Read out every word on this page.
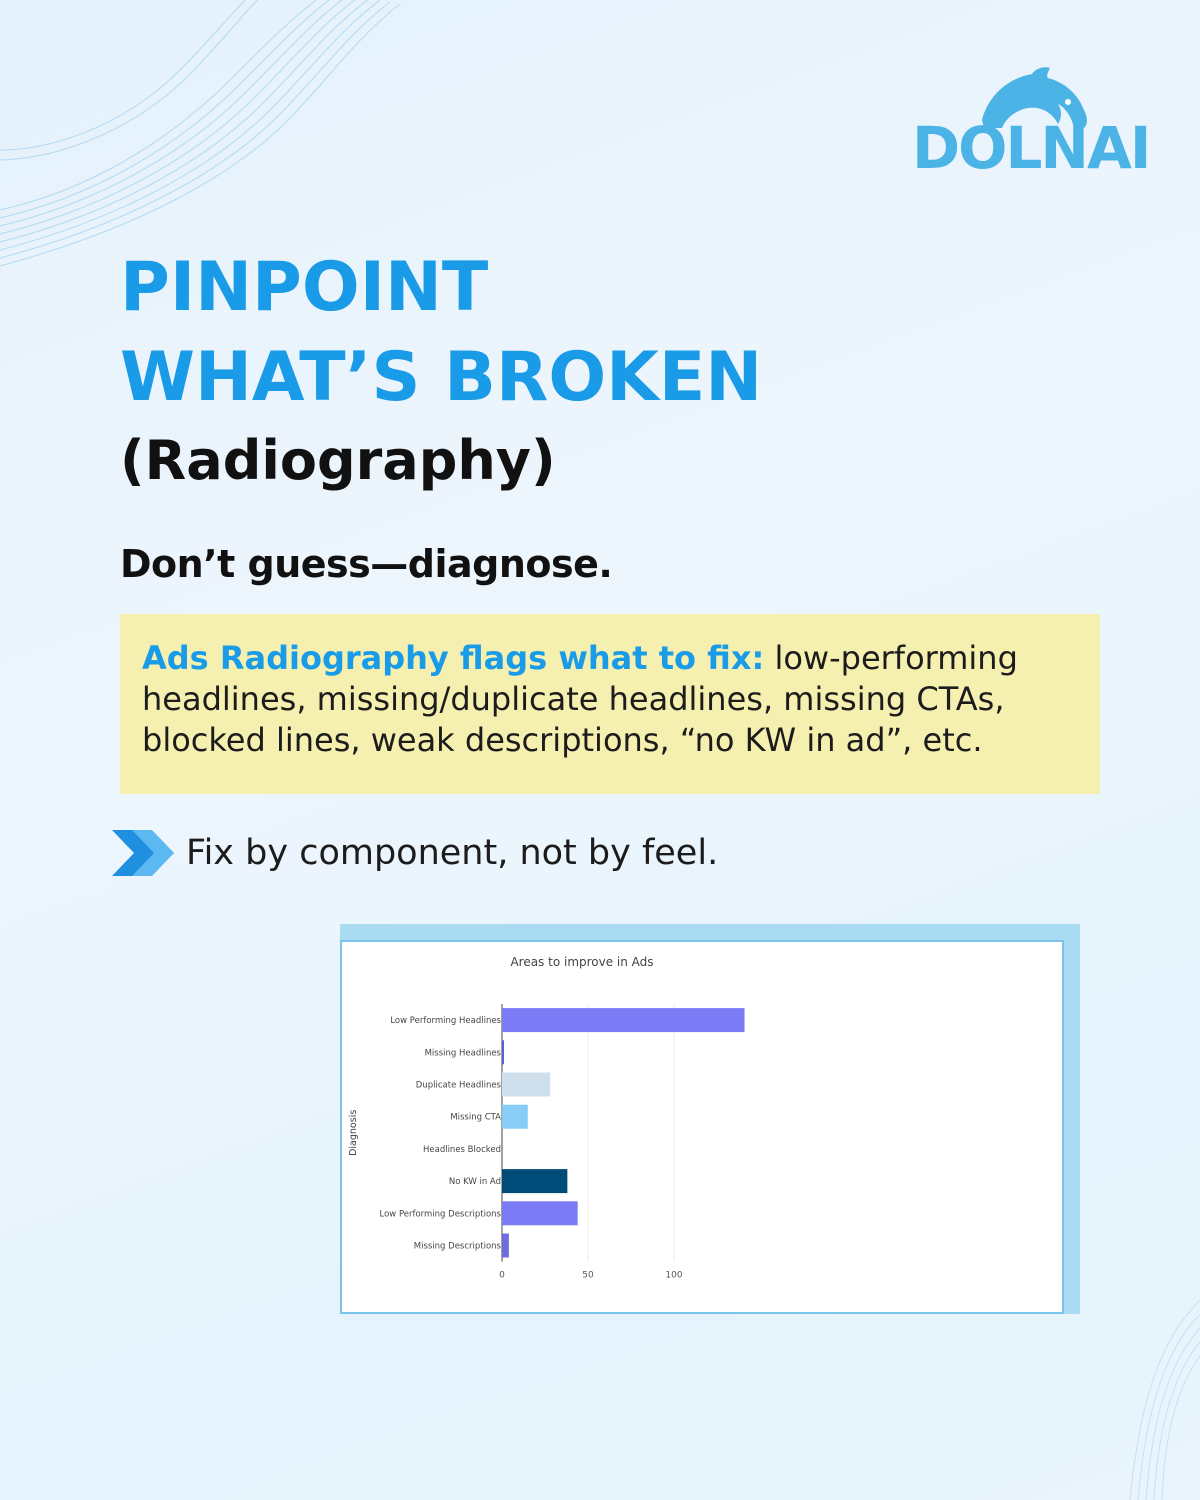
DOLNAI
PINPOINT
WHAT’S BROKEN
(Radiography)
Don’t guess—diagnose.
Ads Radiography flags what to fix: low-performing headlines, missing/duplicate headlines, missing CTAs, blocked lines, weak descriptions, “no KW in ad”, etc.
Fix by component, not by feel.
Areas to improve in Ads
0	50	100
Low Performing Headlines
Missing Headlines
Duplicate Headlines
Missing CTA
Headlines Blocked
No KW in Ad
Low Performing Descriptions
Missing Descriptions
Diagnosis
